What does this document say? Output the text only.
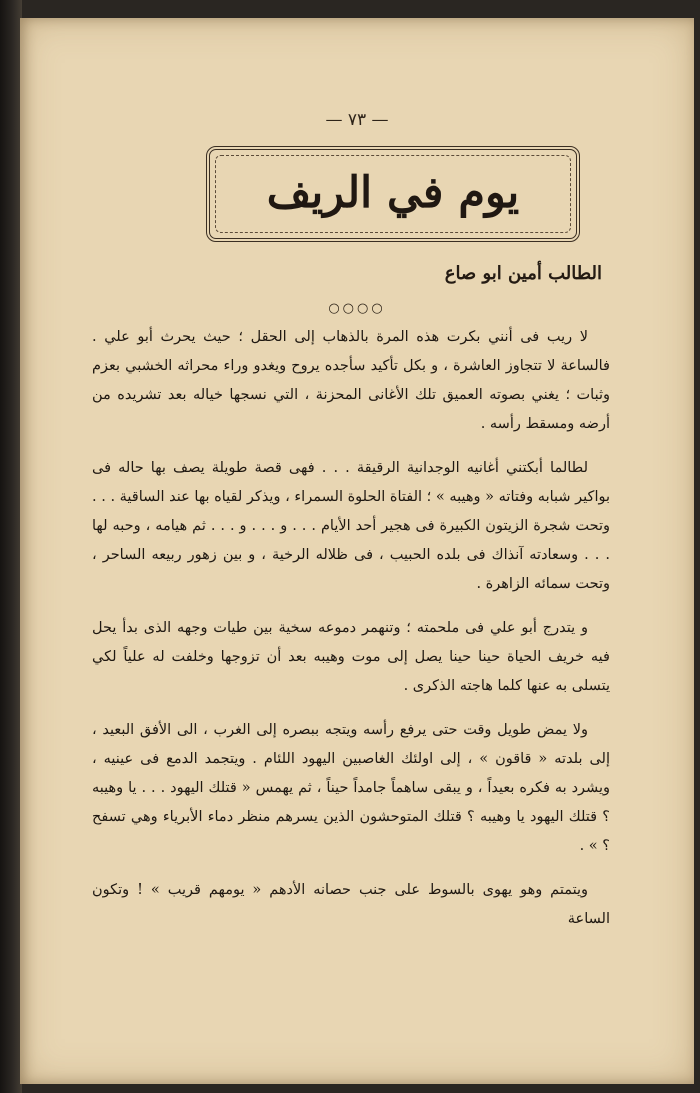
— ٧٣ —
يوم في الريف
الطالب أمين ابو صاع
○○○○

لا ريب فى أنني بكرت هذه المرة بالذهاب إلى الحقل ؛ حيث يحرث أبو علي . فالساعة لا تتجاوز العاشرة ، و بكل تأكيد سأجده يروح ويغدو وراء محراثه الخشبي بعزم وثبات ؛ يغني بصوته العميق تلك الأغانى المحزنة ، التي نسجها خياله بعد تشريده من أرضه ومسقط رأسه .

لطالما أبكتني أغانيه الوجدانية الرقيقة . . . فهى قصة طويلة يصف بها حاله فى بواكير شبابه وفتاته « وهيبه » ؛ الفتاة الحلوة السمراء ، ويذكر لقياه بها عند الساقية . . . وتحت شجرة الزيتون الكبيرة فى هجير أحد الأيام . . . و . . . و . . . ثم هيامه ، وحبه لها . . . وسعادته آنذاك فى بلده الحبيب ، فى ظلاله الرخية ، و بين زهور ربيعه الساحر ، وتحت سمائه الزاهرة .

و يتدرج أبو علي فى ملحمته ؛ وتنهمر دموعه سخية بين طيات وجهه الذى بدأ يحل فيه خريف الحياة حينا حينا يصل إلى موت وهيبه بعد أن تزوجها وخلفت له علياً لكي يتسلى به عنها كلما هاجته الذكرى .

ولا يمض طويل وقت حتى يرفع رأسه ويتجه ببصره إلى الغرب ، الى الأفق البعيد ، إلى بلدته « قاقون » ، إلى اولئك الغاصبين اليهود اللئام . ويتجمد الدمع فى عينيه ، ويشرد به فكره بعيداً ، و يبقى ساهماً جامداً حيناً ، ثم يهمس « قتلك اليهود . . . يا وهيبه ؟ قتلك اليهود يا وهيبه ؟ قتلك المتوحشون الذين يسرهم منظر دماء الأبرياء وهي تسفح ؟ » .

ويتمتم وهو يهوى بالسوط على جنب حصانه الأدهم « يومهم قريب » ! وتكون الساعة
